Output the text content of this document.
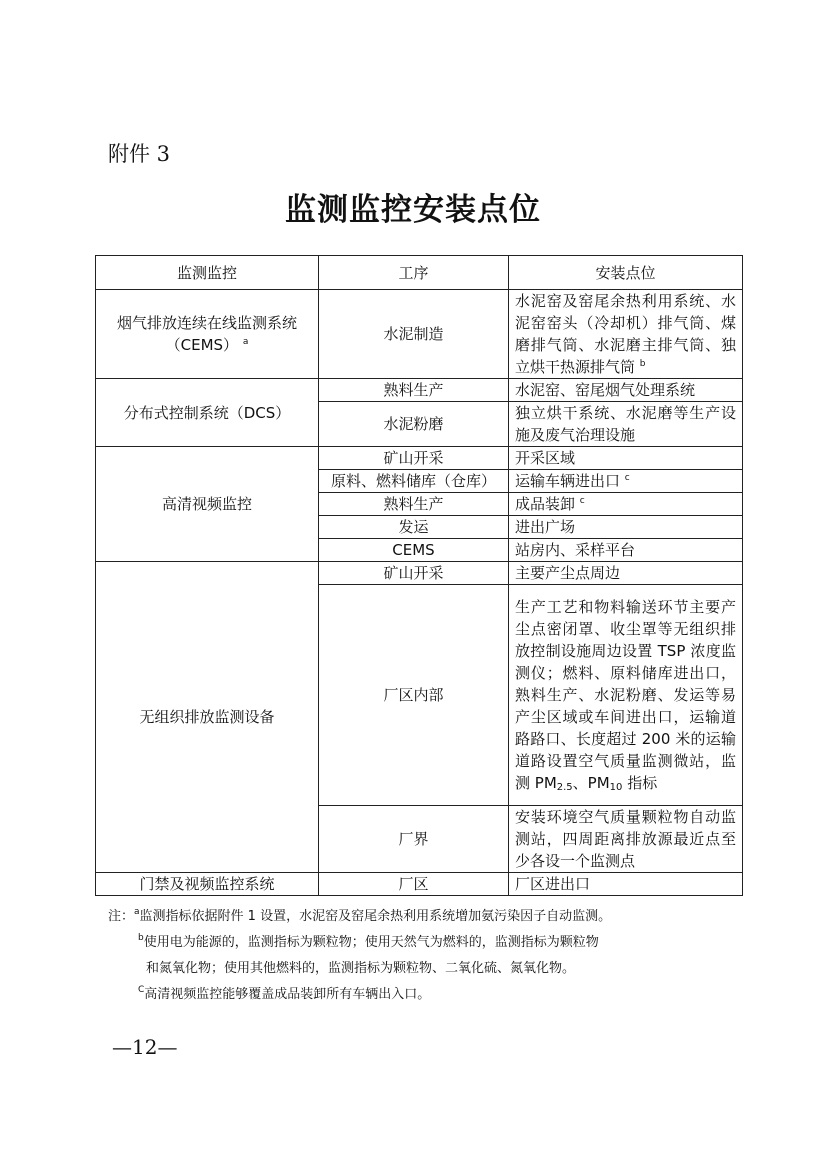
附件 3
监测监控安装点位
监测监控	工序	安装点位

烟气排放连续在线监测系统
（CEMS） $^a$	水泥制造	水泥窑及窑尾余热利用系统、水泥窑窑头（冷却机）排气筒、煤磨排气筒、水泥磨主排气筒、独立烘干热源排气筒 $^b$
分布式控制系统（DCS）	熟料生产	水泥窑、窑尾烟气处理系统
	水泥粉磨	独立烘干系统、水泥磨等生产设施及废气治理设施
高清视频监控	矿山开采	开采区域
	原料、燃料储库（仓库）	运输车辆进出口 $^c$
	熟料生产	成品装卸 $^c$
	发运	进出广场
	CEMS	站房内、采样平台
无组织排放监测设备	矿山开采	主要产尘点周边
	厂区内部	生产工艺和物料输送环节主要产尘点密闭罩、收尘罩等无组织排放控制设施周边设置 TSP 浓度监测仪；燃料、原料储库进出口，熟料生产、水泥粉磨、发运等易产尘区域或车间进出口，运输道路路口、长度超过 200 米的运输道路设置空气质量监测微站，监测 $PM_{2.5}$、$PM_{10}$ 指标
	厂界	安装环境空气质量颗粒物自动监测站，四周距离排放源最近点至少各设一个监测点
门禁及视频监控系统	厂区	厂区进出口
注：$^a$监测指标依据附件 1 设置，水泥窑及窑尾余热利用系统增加氨污染因子自动监测。
$^b$使用电为能源的，监测指标为颗粒物；使用天然气为燃料的，监测指标为颗粒物
和氮氧化物；使用其他燃料的，监测指标为颗粒物、二氧化硫、氮氧化物。
$^C$高清视频监控能够覆盖成品装卸所有车辆出入口。
—12—
